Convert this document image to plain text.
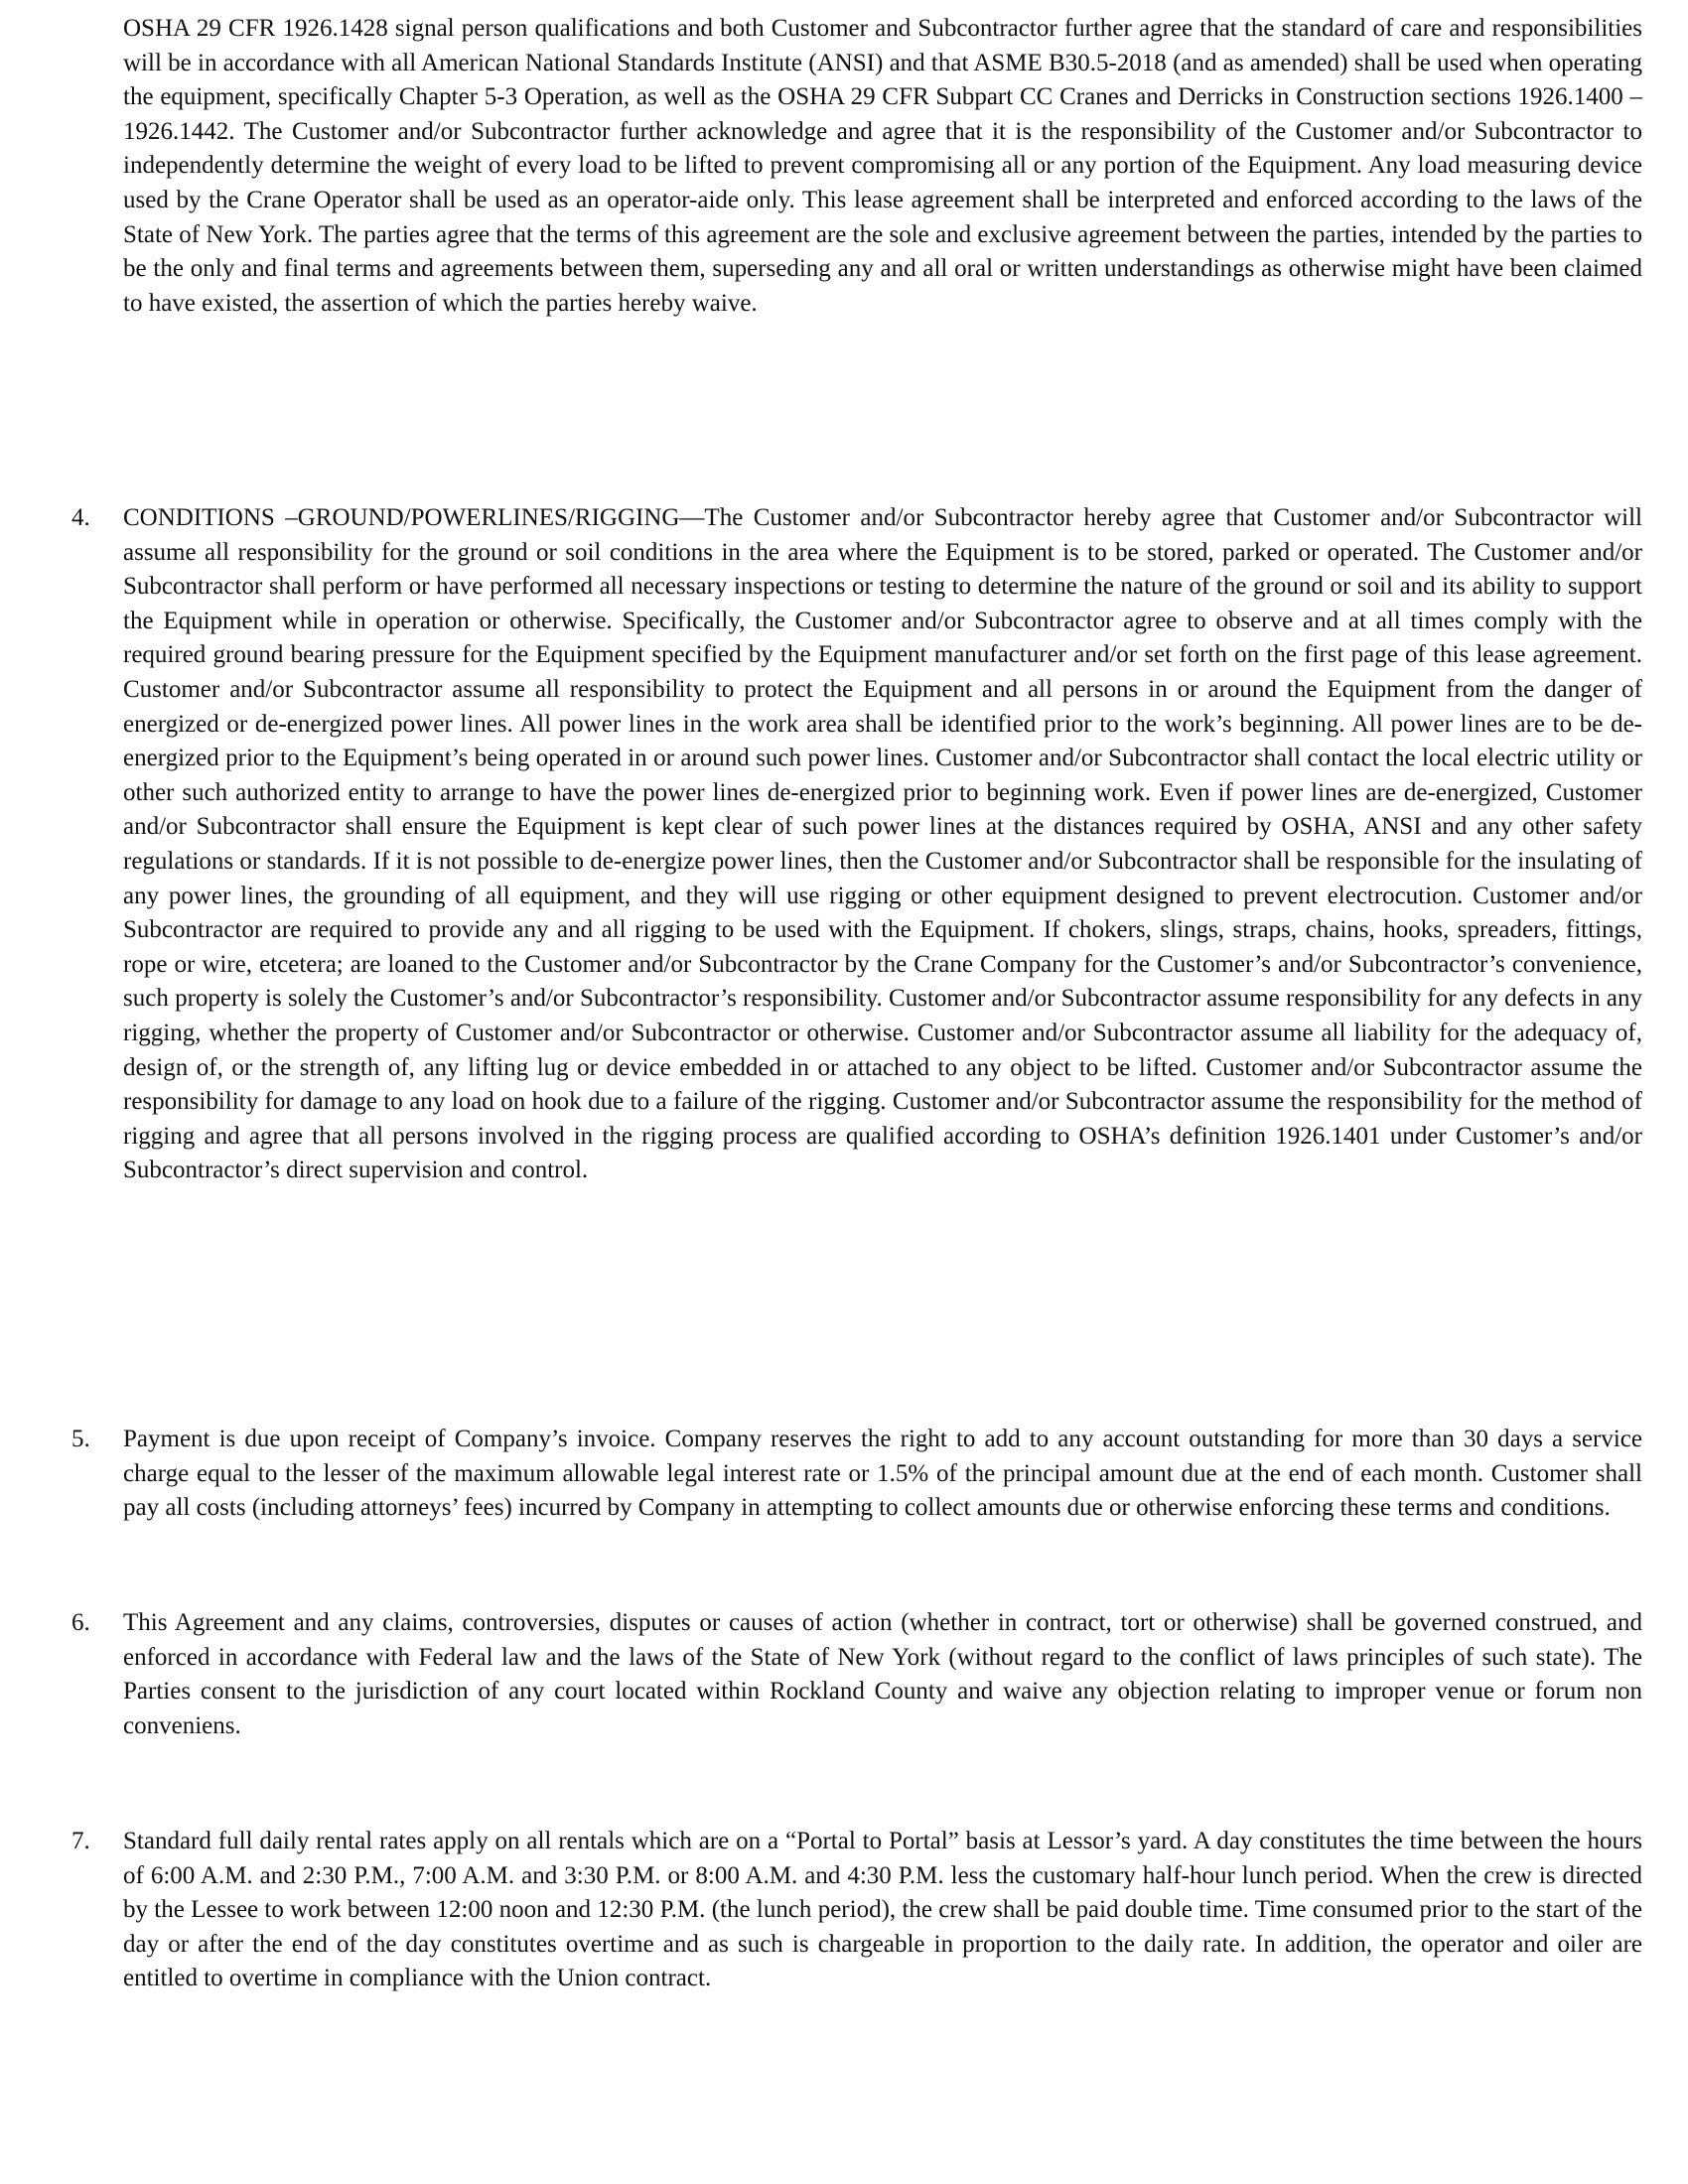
OSHA 29 CFR 1926.1428 signal person qualifications and both Customer and Subcontractor further agree that the standard of care and responsibilities will be in accordance with all American National Standards Institute (ANSI) and that ASME B30.5-2018 (and as amended) shall be used when operating the equipment, specifically Chapter 5-3 Operation, as well as the OSHA 29 CFR Subpart CC Cranes and Derricks in Construction sections 1926.1400 – 1926.1442. The Customer and/or Subcontractor further acknowledge and agree that it is the responsibility of the Customer and/or Subcontractor to independently determine the weight of every load to be lifted to prevent compromising all or any portion of the Equipment. Any load measuring device used by the Crane Operator shall be used as an operator-aide only. This lease agreement shall be interpreted and enforced according to the laws of the State of New York. The parties agree that the terms of this agreement are the sole and exclusive agreement between the parties, intended by the parties to be the only and final terms and agreements between them, superseding any and all oral or written understandings as otherwise might have been claimed to have existed, the assertion of which the parties hereby waive.

4.	CONDITIONS –GROUND/POWERLINES/RIGGING—The Customer and/or Subcontractor hereby agree that Customer and/or Subcontractor will assume all responsibility for the ground or soil conditions in the area where the Equipment is to be stored, parked or operated. The Customer and/or Subcontractor shall perform or have performed all necessary inspections or testing to determine the nature of the ground or soil and its ability to support the Equipment while in operation or otherwise. Specifically, the Customer and/or Subcontractor agree to observe and at all times comply with the required ground bearing pressure for the Equipment specified by the Equipment manufacturer and/or set forth on the first page of this lease agreement. Customer and/or Subcontractor assume all responsibility to protect the Equipment and all persons in or around the Equipment from the danger of energized or de-energized power lines. All power lines in the work area shall be identified prior to the work’s beginning. All power lines are to be de-energized prior to the Equipment’s being operated in or around such power lines. Customer and/or Subcontractor shall contact the local electric utility or other such authorized entity to arrange to have the power lines de-energized prior to beginning work. Even if power lines are de-energized, Customer and/or Subcontractor shall ensure the Equipment is kept clear of such power lines at the distances required by OSHA, ANSI and any other safety regulations or standards. If it is not possible to de-energize power lines, then the Customer and/or Subcontractor shall be responsible for the insulating of any power lines, the grounding of all equipment, and they will use rigging or other equipment designed to prevent electrocution. Customer and/or Subcontractor are required to provide any and all rigging to be used with the Equipment. If chokers, slings, straps, chains, hooks, spreaders, fittings, rope or wire, etcetera; are loaned to the Customer and/or Subcontractor by the Crane Company for the Customer’s and/or Subcontractor’s convenience, such property is solely the Customer’s and/or Subcontractor’s responsibility. Customer and/or Subcontractor assume responsibility for any defects in any rigging, whether the property of Customer and/or Subcontractor or otherwise. Customer and/or Subcontractor assume all liability for the adequacy of, design of, or the strength of, any lifting lug or device embedded in or attached to any object to be lifted. Customer and/or Subcontractor assume the responsibility for damage to any load on hook due to a failure of the rigging. Customer and/or Subcontractor assume the responsibility for the method of rigging and agree that all persons involved in the rigging process are qualified according to OSHA’s definition 1926.1401 under Customer’s and/or Subcontractor’s direct supervision and control.
5.	Payment is due upon receipt of Company’s invoice. Company reserves the right to add to any account outstanding for more than 30 days a service charge equal to the lesser of the maximum allowable legal interest rate or 1.5% of the principal amount due at the end of each month. Customer shall pay all costs (including attorneys’ fees) incurred by Company in attempting to collect amounts due or otherwise enforcing these terms and conditions.
6.	This Agreement and any claims, controversies, disputes or causes of action (whether in contract, tort or otherwise) shall be governed construed, and enforced in accordance with Federal law and the laws of the State of New York (without regard to the conflict of laws principles of such state). The Parties consent to the jurisdiction of any court located within Rockland County and waive any objection relating to improper venue or forum non conveniens.
7.	Standard full daily rental rates apply on all rentals which are on a “Portal to Portal” basis at Lessor’s yard. A day constitutes the time between the hours of 6:00 A.M. and 2:30 P.M., 7:00 A.M. and 3:30 P.M. or 8:00 A.M. and 4:30 P.M. less the customary half-hour lunch period. When the crew is directed by the Lessee to work between 12:00 noon and 12:30 P.M. (the lunch period), the crew shall be paid double time. Time consumed prior to the start of the day or after the end of the day constitutes overtime and as such is chargeable in proportion to the daily rate. In addition, the operator and oiler are entitled to overtime in compliance with the Union contract.
